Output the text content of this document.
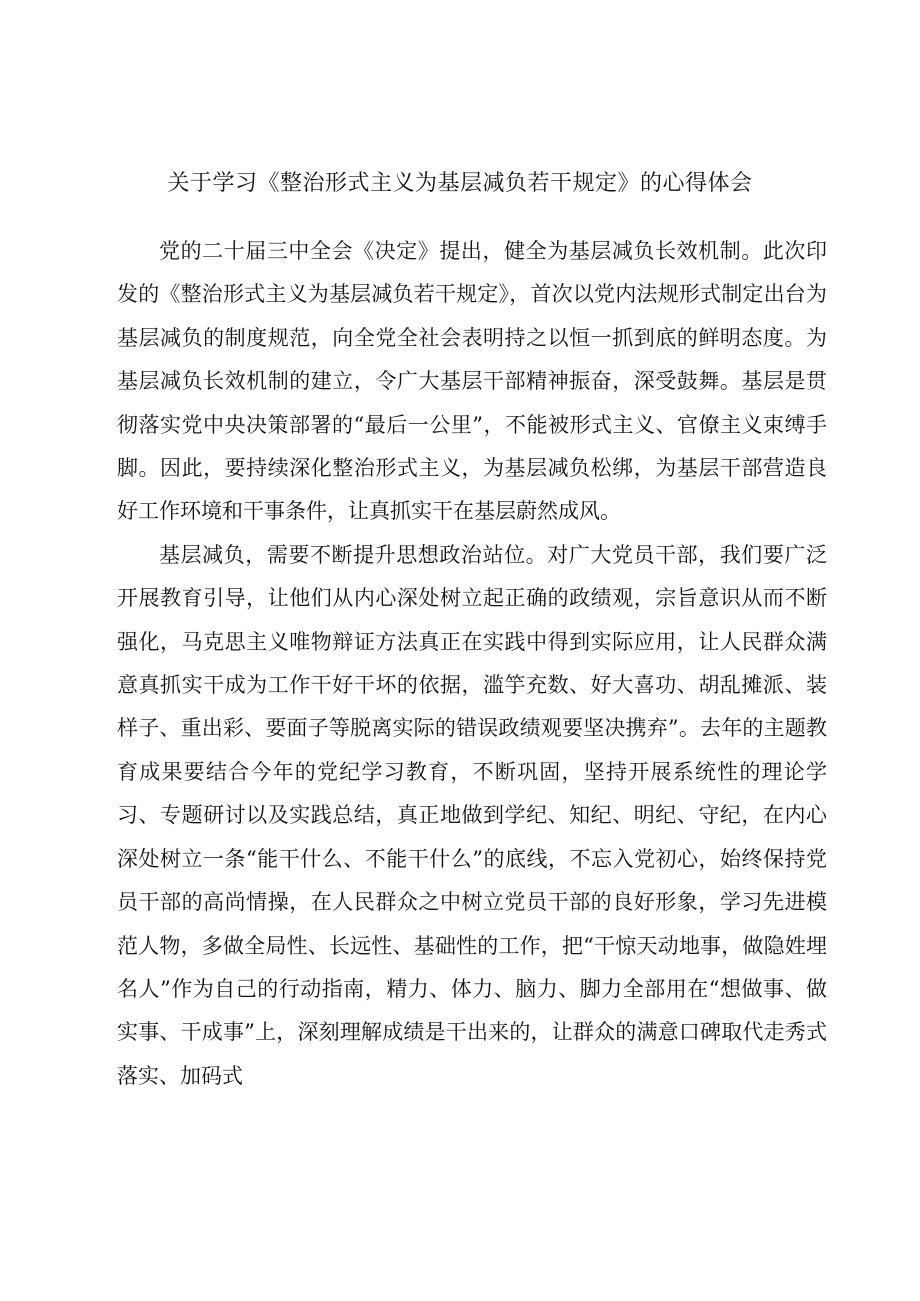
关于学习《整治形式主义为基层减负若干规定》的心得体会

党的二十届三中全会《决定》提出，健全为基层减负长效机制。此次印发的《整治形式主义为基层减负若干规定》，首次以党内法规形式制定出台为基层减负的制度规范，向全党全社会表明持之以恒一抓到底的鲜明态度。为基层减负长效机制的建立，令广大基层干部精神振奋，深受鼓舞。基层是贯彻落实党中央决策部署的“最后一公里”，不能被形式主义、官僚主义束缚手脚。因此，要持续深化整治形式主义，为基层减负松绑，为基层干部营造良好工作环境和干事条件，让真抓实干在基层蔚然成风。

基层减负，需要不断提升思想政治站位。对广大党员干部，我们要广泛开展教育引导，让他们从内心深处树立起正确的政绩观，宗旨意识从而不断强化，马克思主义唯物辩证方法真正在实践中得到实际应用，让人民群众满意真抓实干成为工作干好干坏的依据，滥竽充数、好大喜功、胡乱摊派、装样子、重出彩、要面子等脱离实际的错误政绩观要坚决携弃”。去年的主题教育成果要结合今年的党纪学习教育，不断巩固，坚持开展系统性的理论学习、专题研讨以及实践总结，真正地做到学纪、知纪、明纪、守纪，在内心深处树立一条“能干什么、不能干什么”的底线，不忘入党初心，始终保持党员干部的高尚情操，在人民群众之中树立党员干部的良好形象，学习先进模范人物，多做全局性、长远性、基础性的工作，把“干惊天动地事，做隐姓埋名人”作为自己的行动指南，精力、体力、脑力、脚力全部用在“想做事、做实事、干成事”上，深刻理解成绩是干出来的，让群众的满意口碑取代走秀式落实、加码式
